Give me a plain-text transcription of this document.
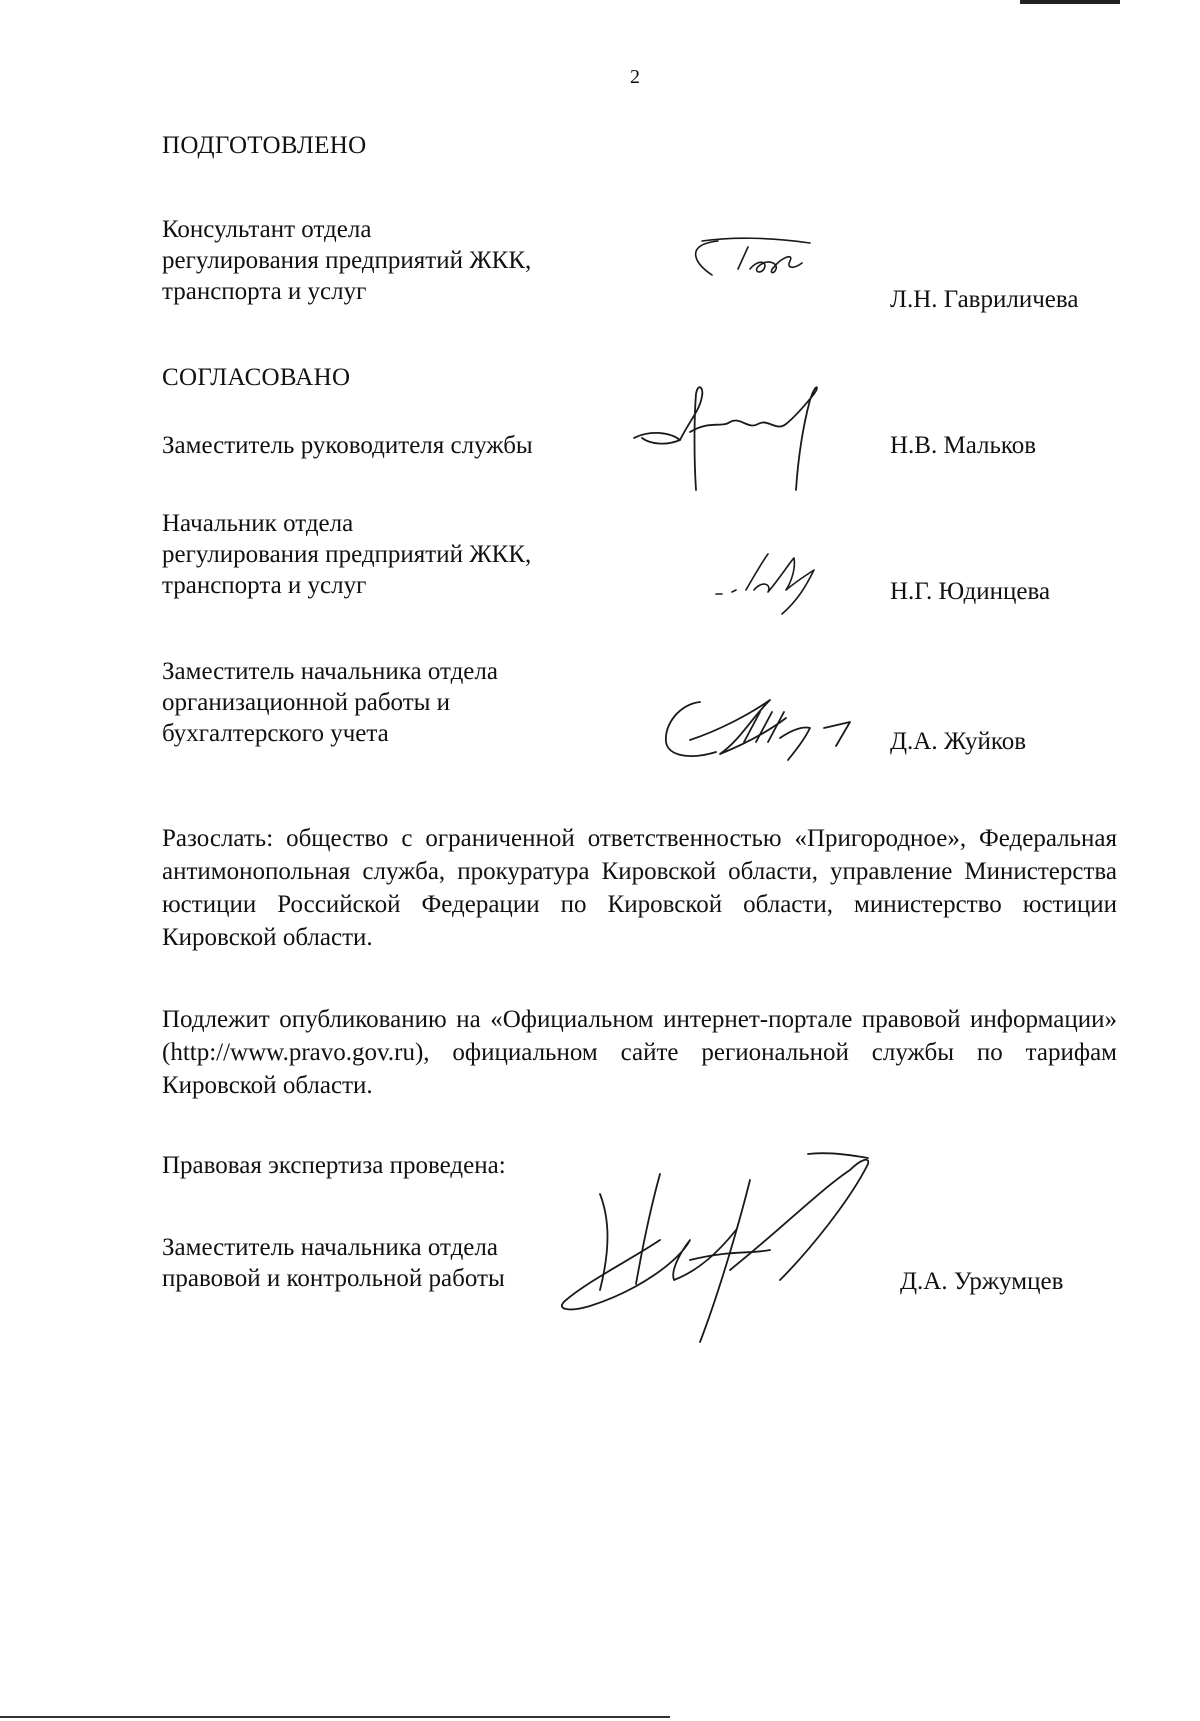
2
ПОДГОТОВЛЕНО
Консультант отдела
регулирования предприятий ЖКК,
транспорта и услуг	Л.Н. Гавриличева
СОГЛАСОВАНО
Заместитель руководителя службы	Н.В. Мальков
Начальник отдела
регулирования предприятий ЖКК,
транспорта и услуг	Н.Г. Юдинцева
Заместитель начальника отдела
организационной работы и
бухгалтерского учета	Д.А. Жуйков
Разослать: общество с ограниченной ответственностью «Пригородное», Федеральная антимонопольная служба, прокуратура Кировской области, управление Министерства юстиции Российской Федерации по Кировской области, министерство юстиции Кировской области.
Подлежит опубликованию на «Официальном интернет-портале правовой информации» (http://www.pravo.gov.ru), официальном сайте региональной службы по тарифам Кировской области.
Правовая экспертиза проведена:
Заместитель начальника отдела
правовой и контрольной работы	Д.А. Уржумцев
